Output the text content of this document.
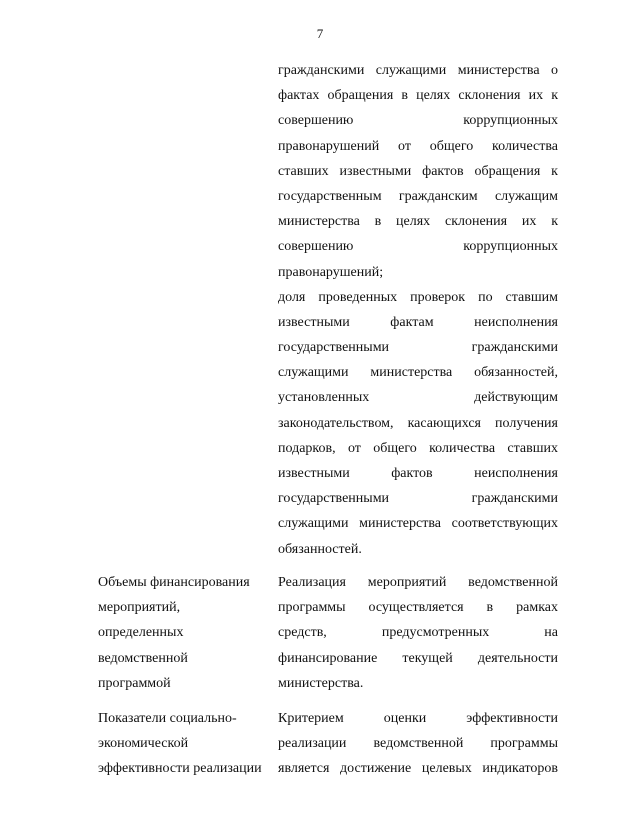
7
гражданскими служащими министерства о
фактах обращения в целях склонения их к
совершению коррупционных
правонарушений от общего количества
ставших известными фактов обращения к
государственным гражданским служащим
министерства в целях склонения их к
совершению коррупционных
правонарушений;
доля проведенных проверок по ставшим
известными фактам неисполнения
государственными гражданскими
служащими министерства обязанностей,
установленных действующим
законодательством, касающихся получения
подарков, от общего количества ставших
известными фактов неисполнения
государственными гражданскими
служащими министерства соответствующих
обязанностей.
Объемы финансирования
мероприятий,
определенных
ведомственной
программой
Реализация мероприятий ведомственной
программы осуществляется в рамках
средств, предусмотренных на
финансирование текущей деятельности
министерства.
Показатели социально-
экономической
эффективности реализации
Критерием оценки эффективности
реализации ведомственной программы
является достижение целевых индикаторов
